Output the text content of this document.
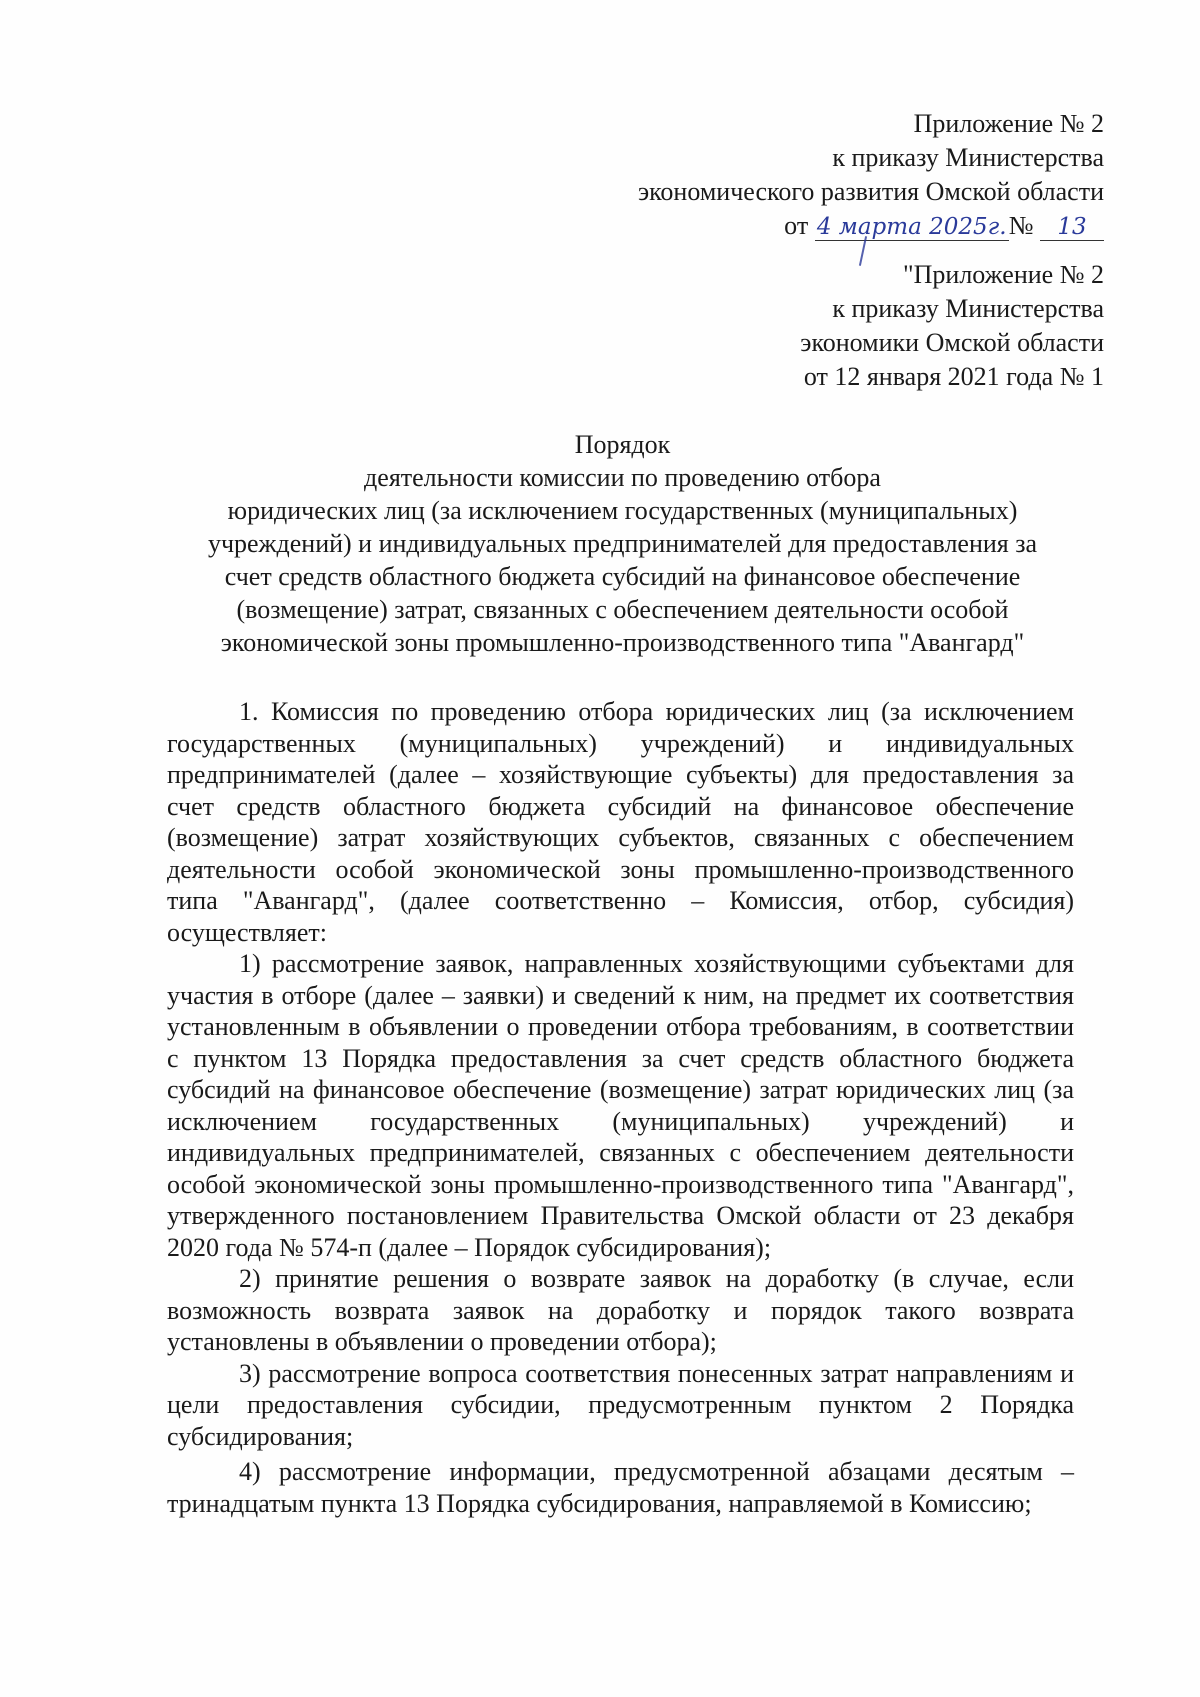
Приложение № 2
к приказу Министерства
экономического развития Омской области
от 4 марта 2025г.№ 13
"Приложение № 2
к приказу Министерства
экономики Омской области
от 12 января 2021 года № 1
Порядок
деятельности комиссии по проведению отбора
юридических лиц (за исключением государственных (муниципальных)
учреждений) и индивидуальных предпринимателей для предоставления за
счет средств областного бюджета субсидий на финансовое обеспечение
(возмещение) затрат, связанных с обеспечением деятельности особой
экономической зоны промышленно-производственного типа "Авангард"

1. Комиссия по проведению отбора юридических лиц (за исключением государственных (муниципальных) учреждений) и индивидуальных предпринимателей (далее – хозяйствующие субъекты) для предоставления за счет средств областного бюджета субсидий на финансовое обеспечение (возмещение) затрат хозяйствующих субъектов, связанных с обеспечением деятельности особой экономической зоны промышленно-производственного типа "Авангард", (далее соответственно – Комиссия, отбор, субсидия) осуществляет:

1) рассмотрение заявок, направленных хозяйствующими субъектами для участия в отборе (далее – заявки) и сведений к ним, на предмет их соответствия установленным в объявлении о проведении отбора требованиям, в соответствии с пунктом 13 Порядка предоставления за счет средств областного бюджета субсидий на финансовое обеспечение (возмещение) затрат юридических лиц (за исключением государственных (муниципальных) учреждений) и индивидуальных предпринимателей, связанных с обеспечением деятельности особой экономической зоны промышленно-производственного типа "Авангард", утвержденного постановлением Правительства Омской области от 23 декабря 2020 года № 574-п (далее – Порядок субсидирования);

2) принятие решения о возврате заявок на доработку (в случае, если возможность возврата заявок на доработку и порядок такого возврата установлены в объявлении о проведении отбора);

3) рассмотрение вопроса соответствия понесенных затрат направлениям и цели предоставления субсидии, предусмотренным пунктом 2 Порядка субсидирования;

4) рассмотрение информации, предусмотренной абзацами десятым – тринадцатым пункта 13 Порядка субсидирования, направляемой в Комиссию;
